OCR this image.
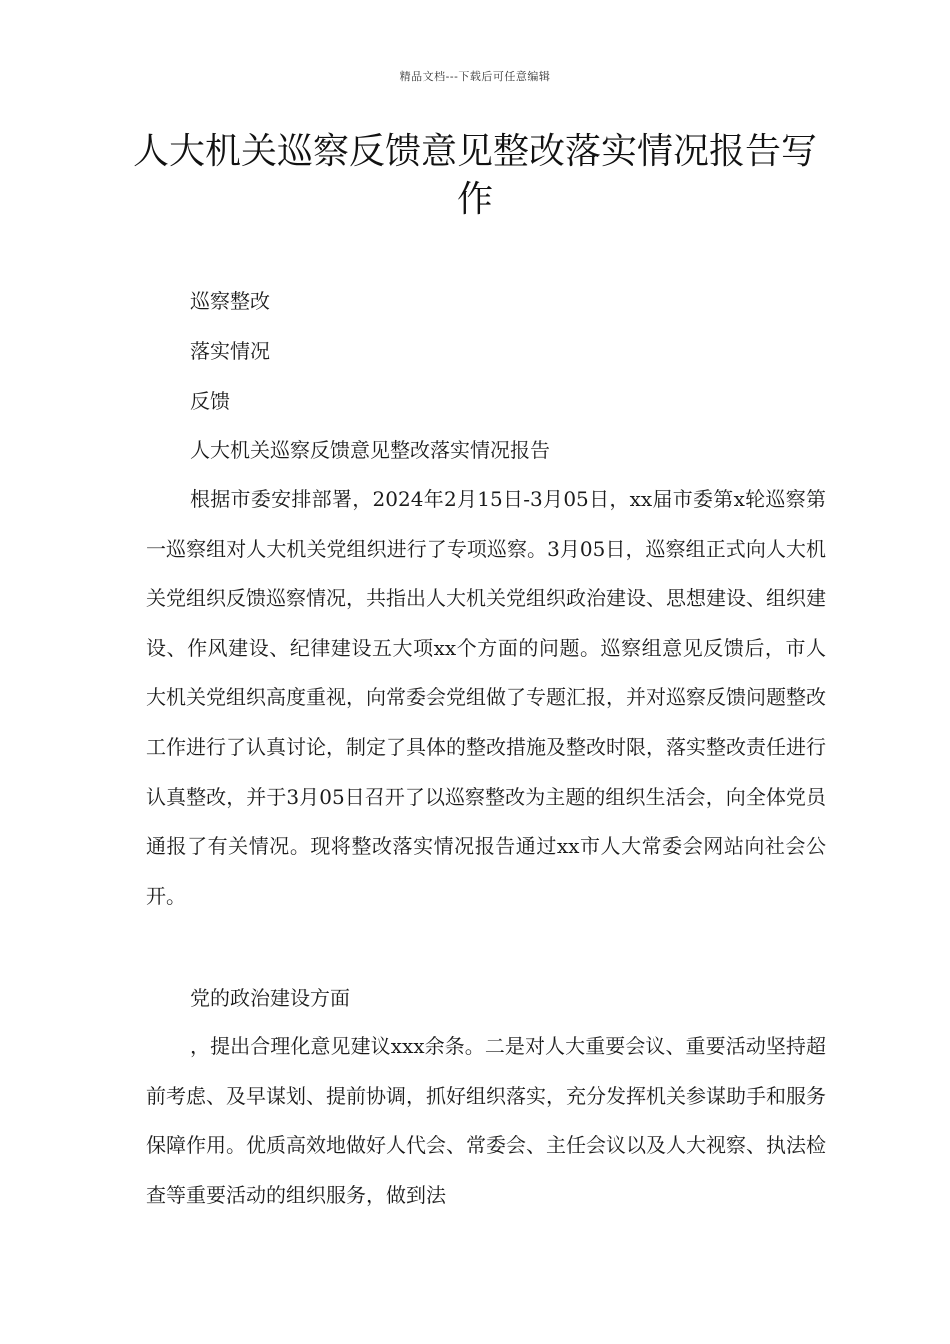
精品文档---下载后可任意编辑
人大机关巡察反馈意见整改落实情况报告写作

巡察整改

落实情况

反馈

人大机关巡察反馈意见整改落实情况报告

根据市委安排部署，2024年2月15日-3月05日，xx届市委第x轮巡察第一巡察组对人大机关党组织进行了专项巡察。3月05日，巡察组正式向人大机关党组织反馈巡察情况，共指出人大机关党组织政治建设、思想建设、组织建设、作风建设、纪律建设五大项xx个方面的问题。巡察组意见反馈后，市人大机关党组织高度重视，向常委会党组做了专题汇报，并对巡察反馈问题整改工作进行了认真讨论，制定了具体的整改措施及整改时限，落实整改责任进行认真整改，并于3月05日召开了以巡察整改为主题的组织生活会，向全体党员通报了有关情况。现将整改落实情况报告通过xx市人大常委会网站向社会公开。

党的政治建设方面

，提出合理化意见建议xxx余条。二是对人大重要会议、重要活动坚持超前考虑、及早谋划、提前协调，抓好组织落实，充分发挥机关参谋助手和服务保障作用。优质高效地做好人代会、常委会、主任会议以及人大视察、执法检查等重要活动的组织服务，做到法
